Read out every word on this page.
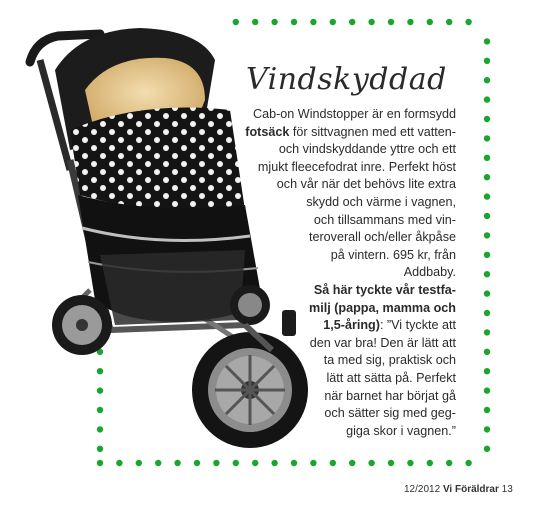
Vindskyddad
Cab-on Windstopper är en formsydd
fotsäck för sittvagnen med ett vatten-
och vindskyddande yttre och ett
mjukt fleecefodrat inre. Perfekt höst
och vår när det behövs lite extra
skydd och värme i vagnen,
och tillsammans med vin-
teroverall och/eller åkpåse
på vintern. 695 kr, från
Addbaby.
Så här tyckte vår testfa-
milj (pappa, mamma och
1,5-åring): ”Vi tyckte att
den var bra! Den är lätt att
ta med sig, praktisk och
lätt att sätta på. Perfekt
när barnet har börjat gå
och sätter sig med geg-
giga skor i vagnen.”
12/2012 Vi Föräldrar 13
